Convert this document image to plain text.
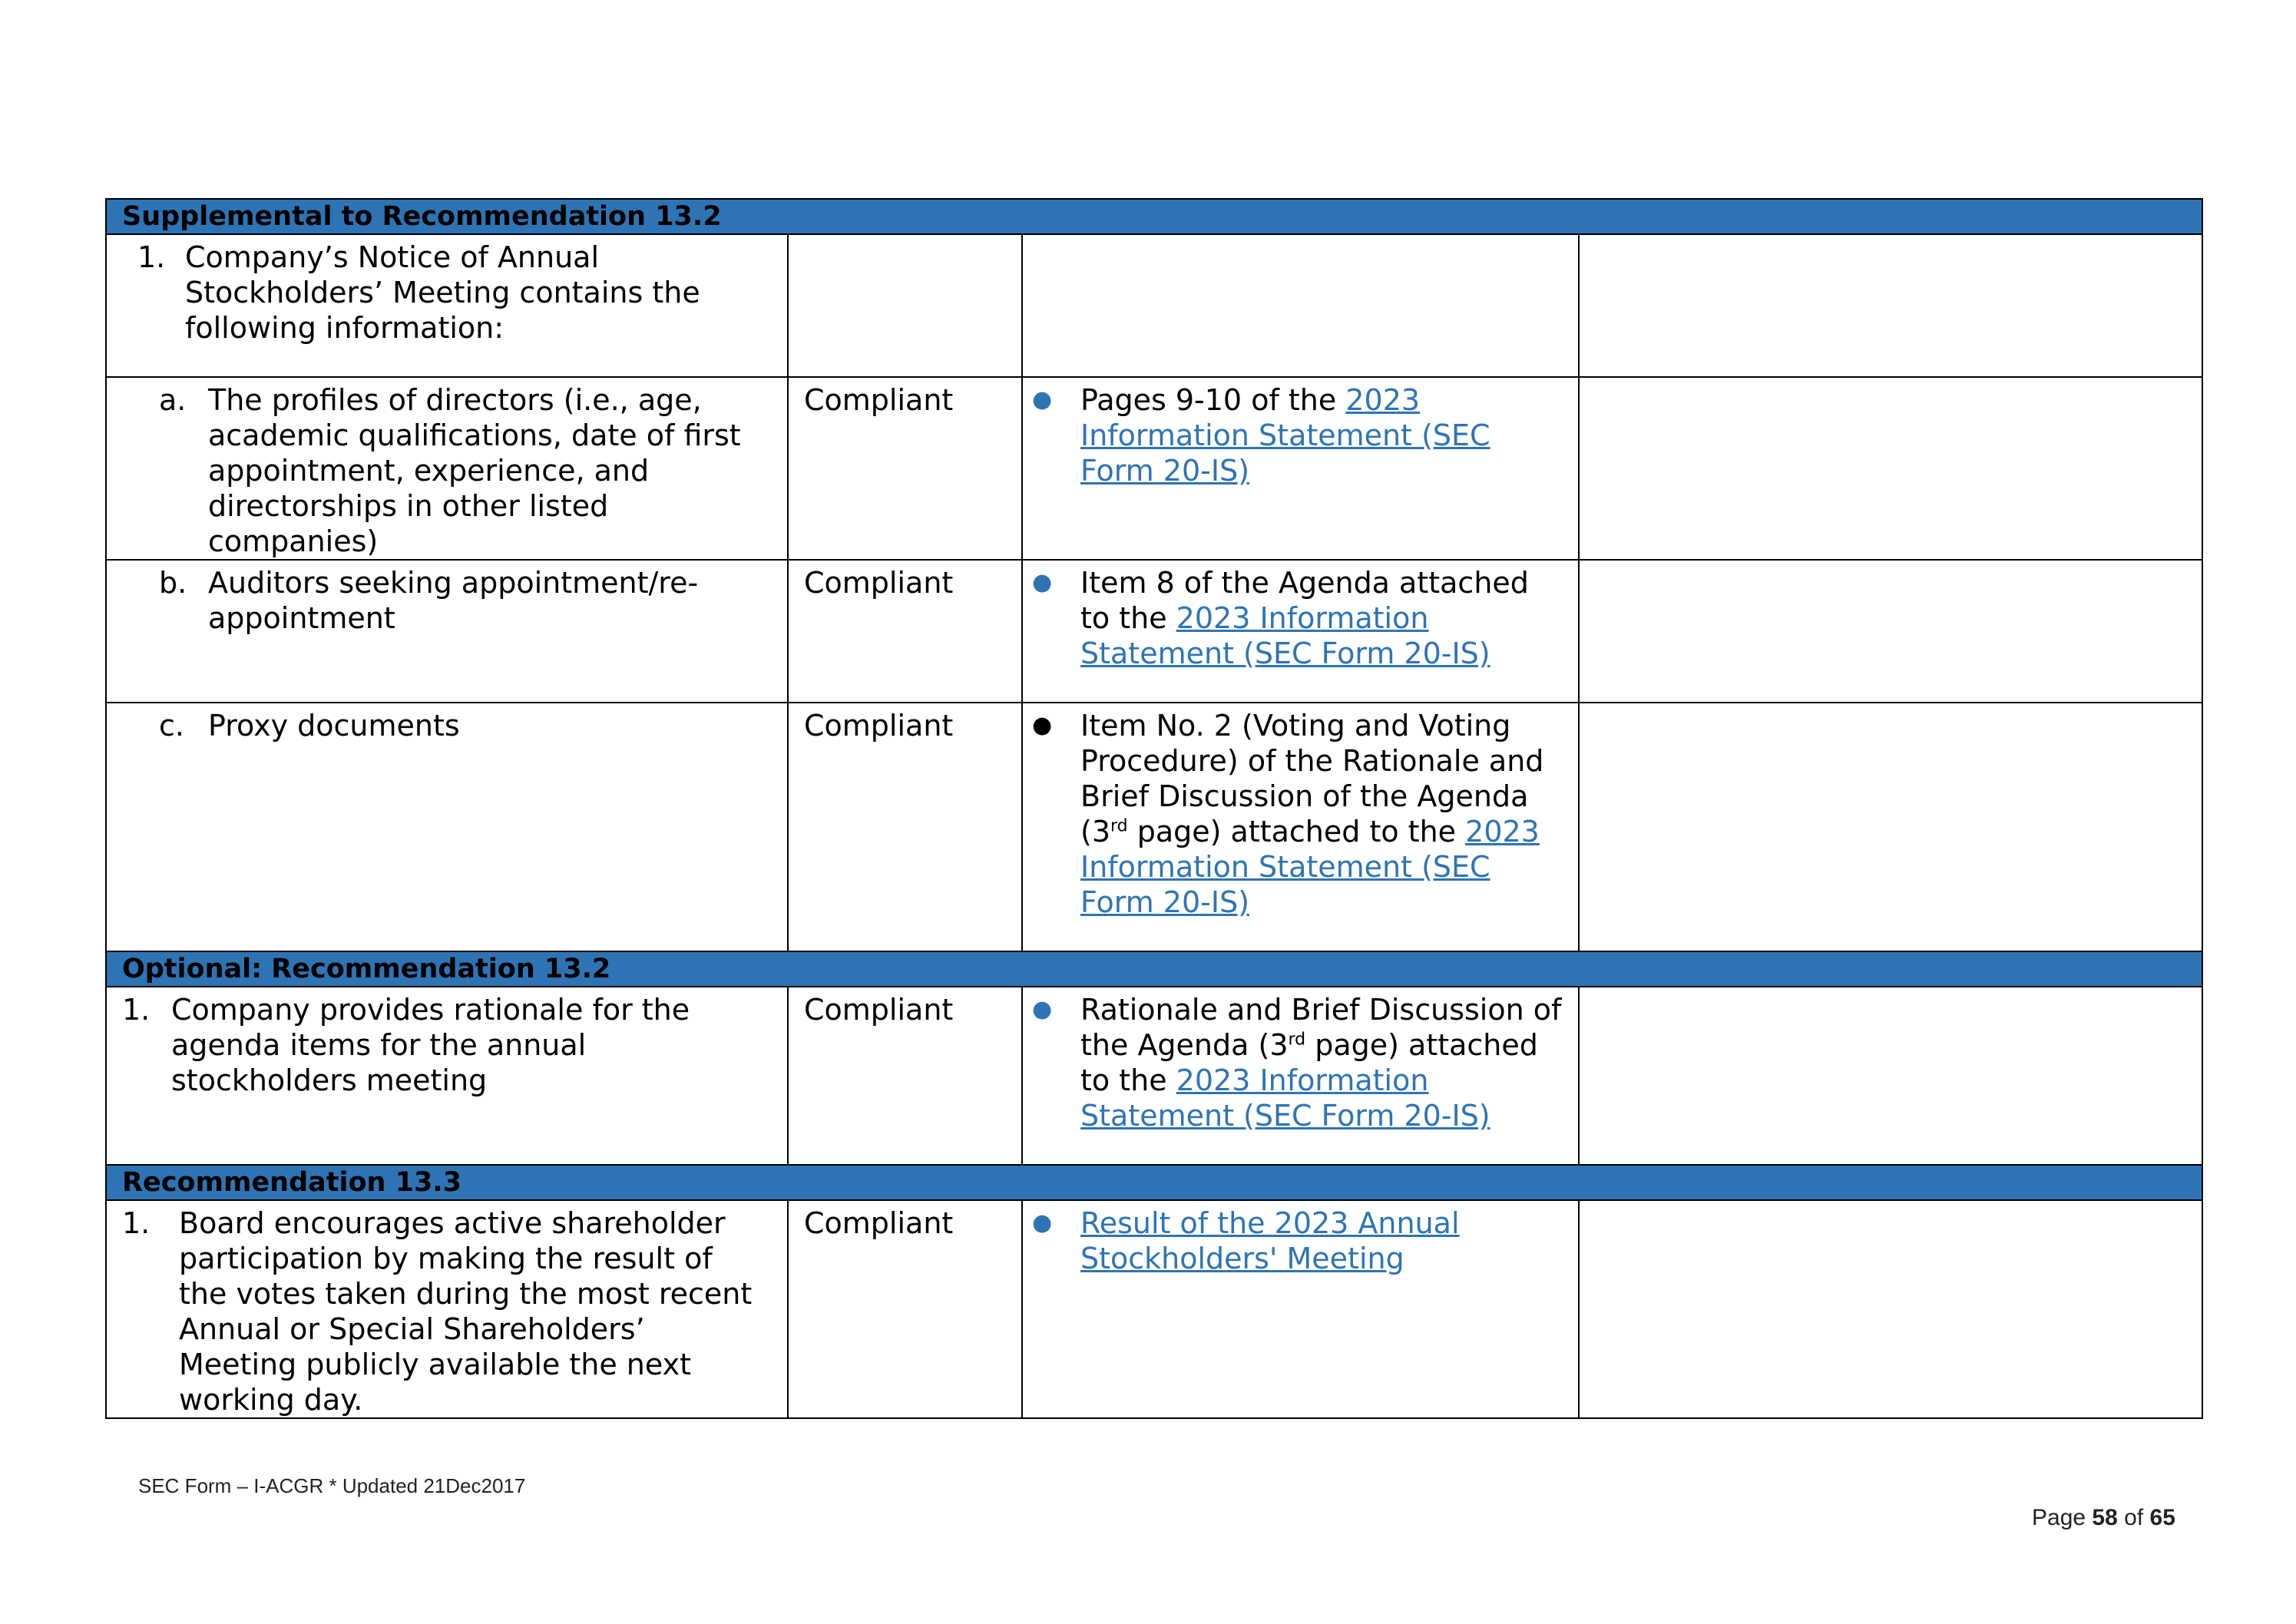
Supplemental to Recommendation 13.2			

1. Company’s Notice of Annual Stockholders’ Meeting contains the following information:			

a. The profiles of directors (i.e., age, academic qualifications, date of first appointment, experience, and directorships in other listed companies)	Compliant	● Pages 9-10 of the 2023 Information Statement (SEC Form 20-IS)	

b. Auditors seeking appointment/re-appointment	Compliant	● Item 8 of the Agenda attached to the 2023 Information Statement (SEC Form 20-IS)	

c. Proxy documents	Compliant	● Item No. 2 (Voting and Voting Procedure) of the Rationale and Brief Discussion of the Agenda (3rd page) attached to the 2023 Information Statement (SEC Form 20-IS)	

Optional: Recommendation 13.2			

1. Company provides rationale for the agenda items for the annual stockholders meeting	Compliant	● Rationale and Brief Discussion of the Agenda (3rd page) attached to the 2023 Information Statement (SEC Form 20-IS)	

Recommendation 13.3			

1. Board encourages active shareholder participation by making the result of the votes taken during the most recent Annual or Special Shareholders’ Meeting publicly available the next working day.	Compliant	● Result of the 2023 Annual Stockholders' Meeting	

SEC Form – I-ACGR * Updated 21Dec2017
Page 58 of 65
